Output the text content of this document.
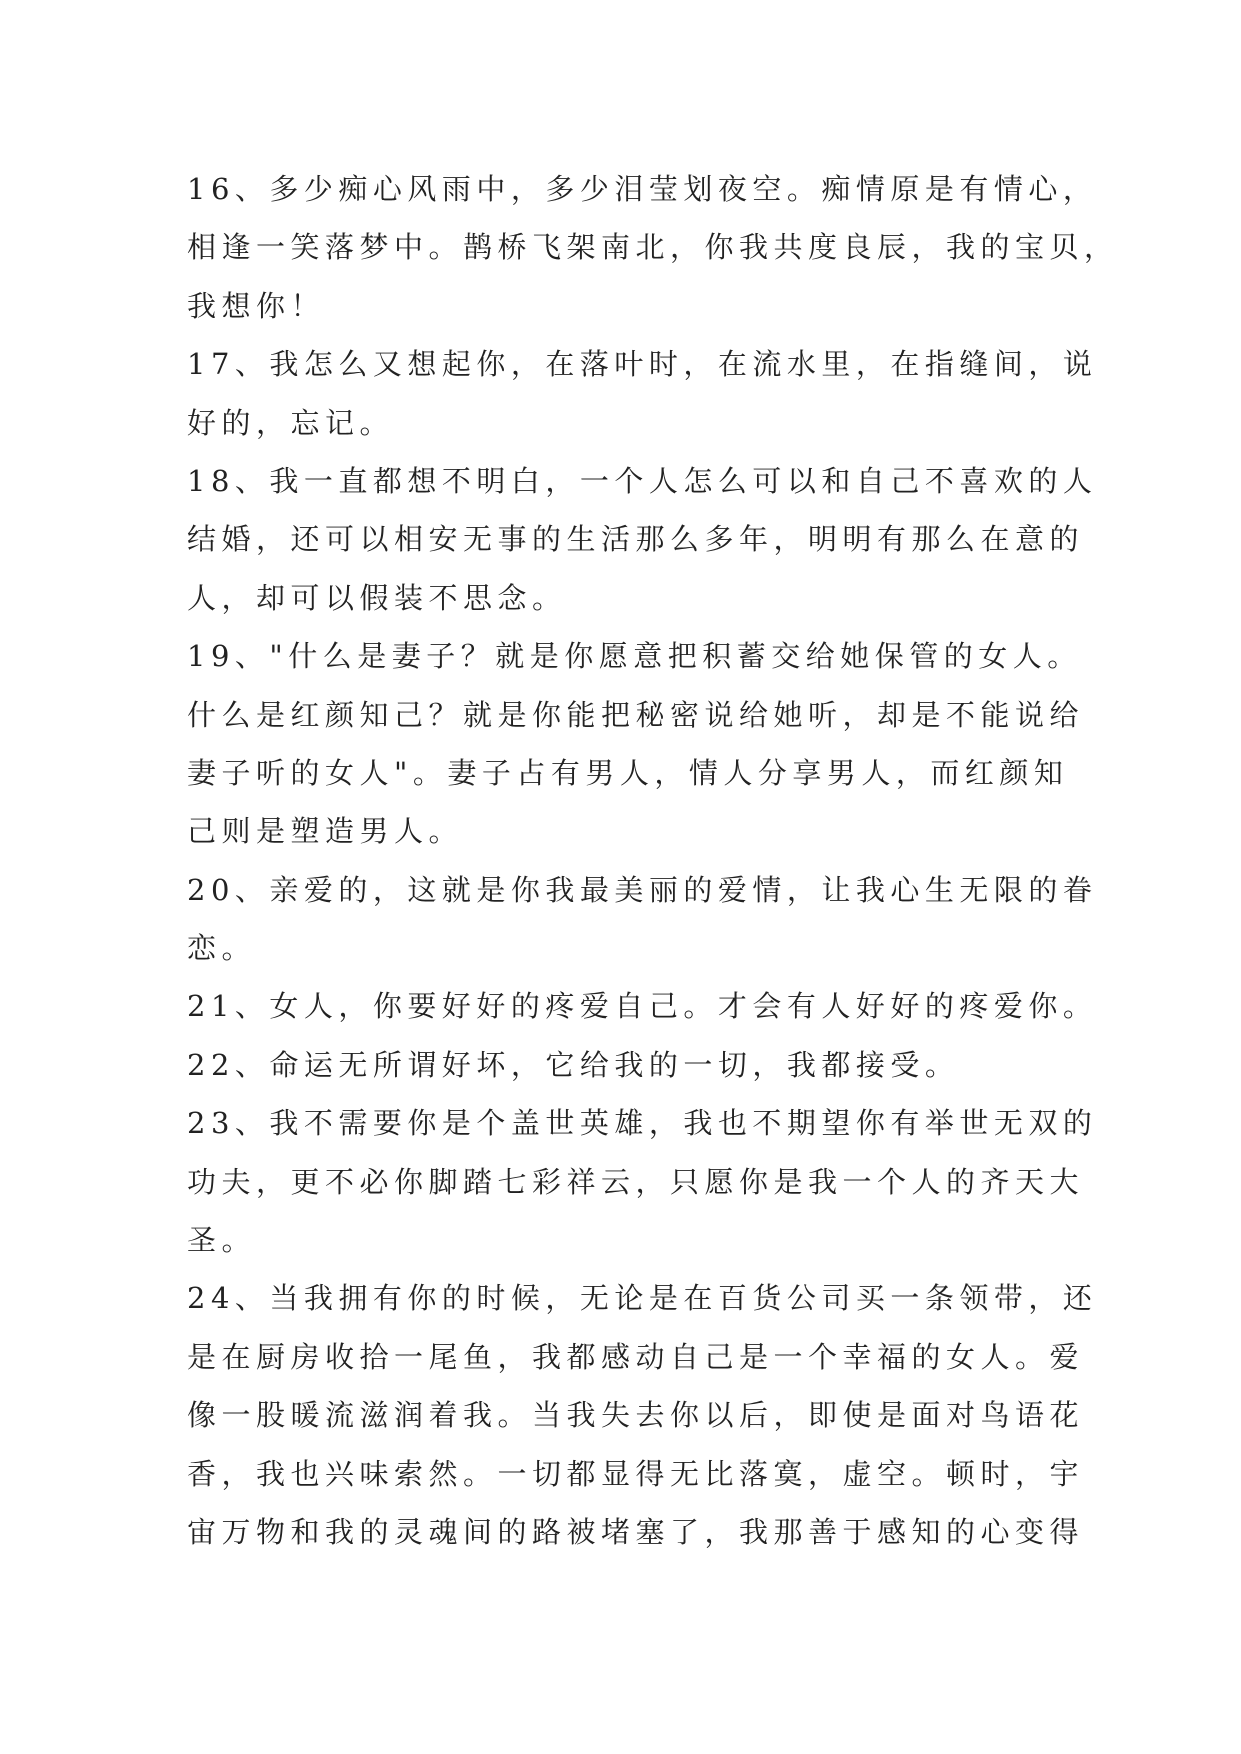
16、多少痴心风雨中，多少泪莹划夜空。痴情原是有情心，
相逢一笑落梦中。鹊桥飞架南北，你我共度良辰，我的宝贝，
我想你！
17、我怎么又想起你，在落叶时，在流水里，在指缝间，说
好的，忘记。
18、我一直都想不明白，一个人怎么可以和自己不喜欢的人
结婚，还可以相安无事的生活那么多年，明明有那么在意的
人，却可以假装不思念。
19、"什么是妻子？就是你愿意把积蓄交给她保管的女人。
什么是红颜知己？就是你能把秘密说给她听，却是不能说给
妻子听的女人"。妻子占有男人，情人分享男人，而红颜知
己则是塑造男人。
20、亲爱的，这就是你我最美丽的爱情，让我心生无限的眷
恋。
21、女人，你要好好的疼爱自己。才会有人好好的疼爱你。
22、命运无所谓好坏，它给我的一切，我都接受。
23、我不需要你是个盖世英雄，我也不期望你有举世无双的
功夫，更不必你脚踏七彩祥云，只愿你是我一个人的齐天大
圣。
24、当我拥有你的时候，无论是在百货公司买一条领带，还
是在厨房收拾一尾鱼，我都感动自己是一个幸福的女人。爱
像一股暖流滋润着我。当我失去你以后，即使是面对鸟语花
香，我也兴味索然。一切都显得无比落寞，虚空。顿时，宇
宙万物和我的灵魂间的路被堵塞了，我那善于感知的心变得
